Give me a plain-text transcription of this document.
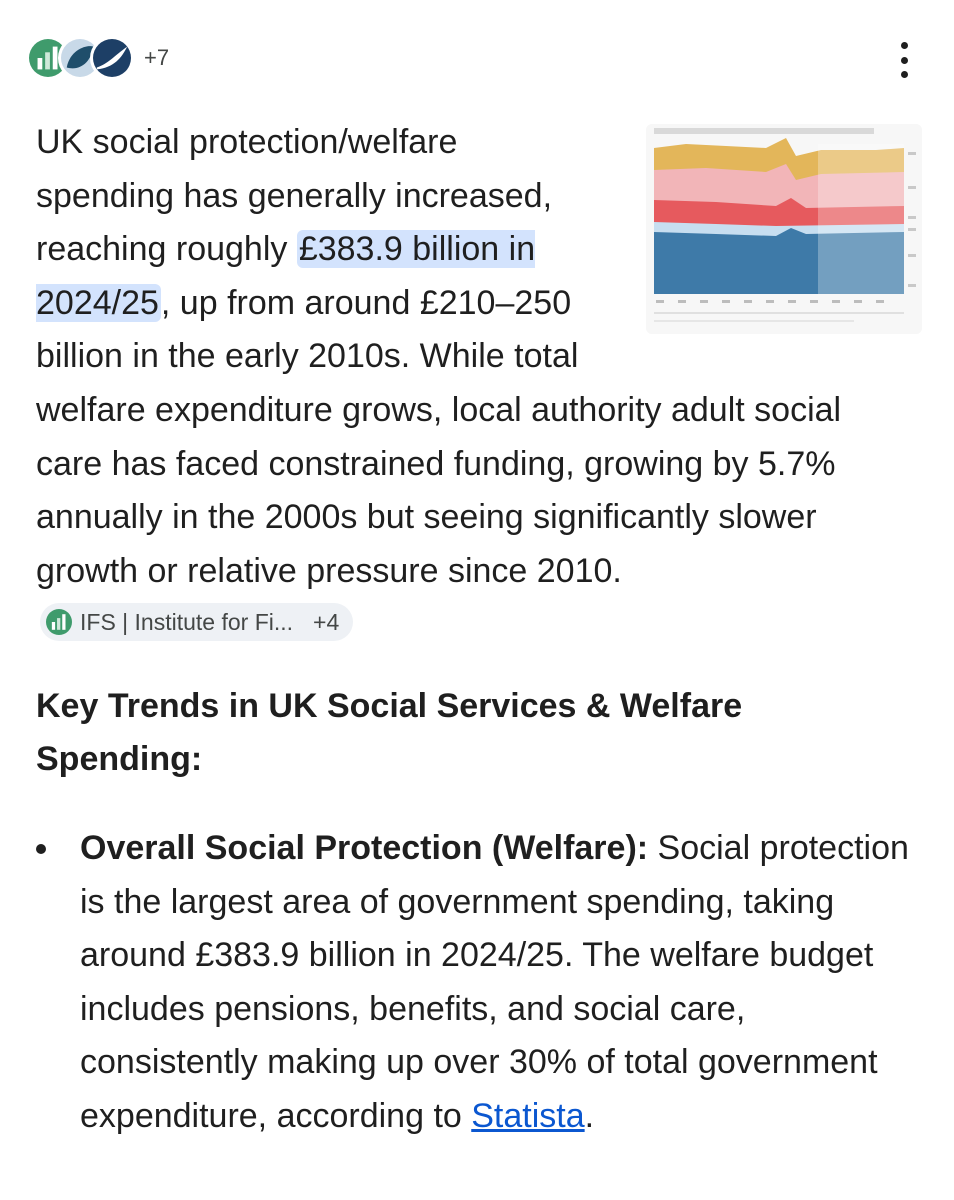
+7

UK social protection/welfare spending has generally increased, reaching roughly £383.9 billion in 2024/25, up from around £210–250 billion in the early 2010s. While total welfare expenditure grows, local authority adult social care has faced constrained funding, growing by 5.7% annually in the 2000s but seeing significantly slower growth or relative pressure since 2010.
IFS | Institute for Fi... +4

Key Trends in UK Social Services & Welfare Spending:
Overall Social Protection (Welfare): Social protection is the largest area of government spending, taking around £383.9 billion in 2024/25. The welfare budget includes pensions, benefits, and social care, consistently making up over 30% of total government expenditure, according to Statista.
